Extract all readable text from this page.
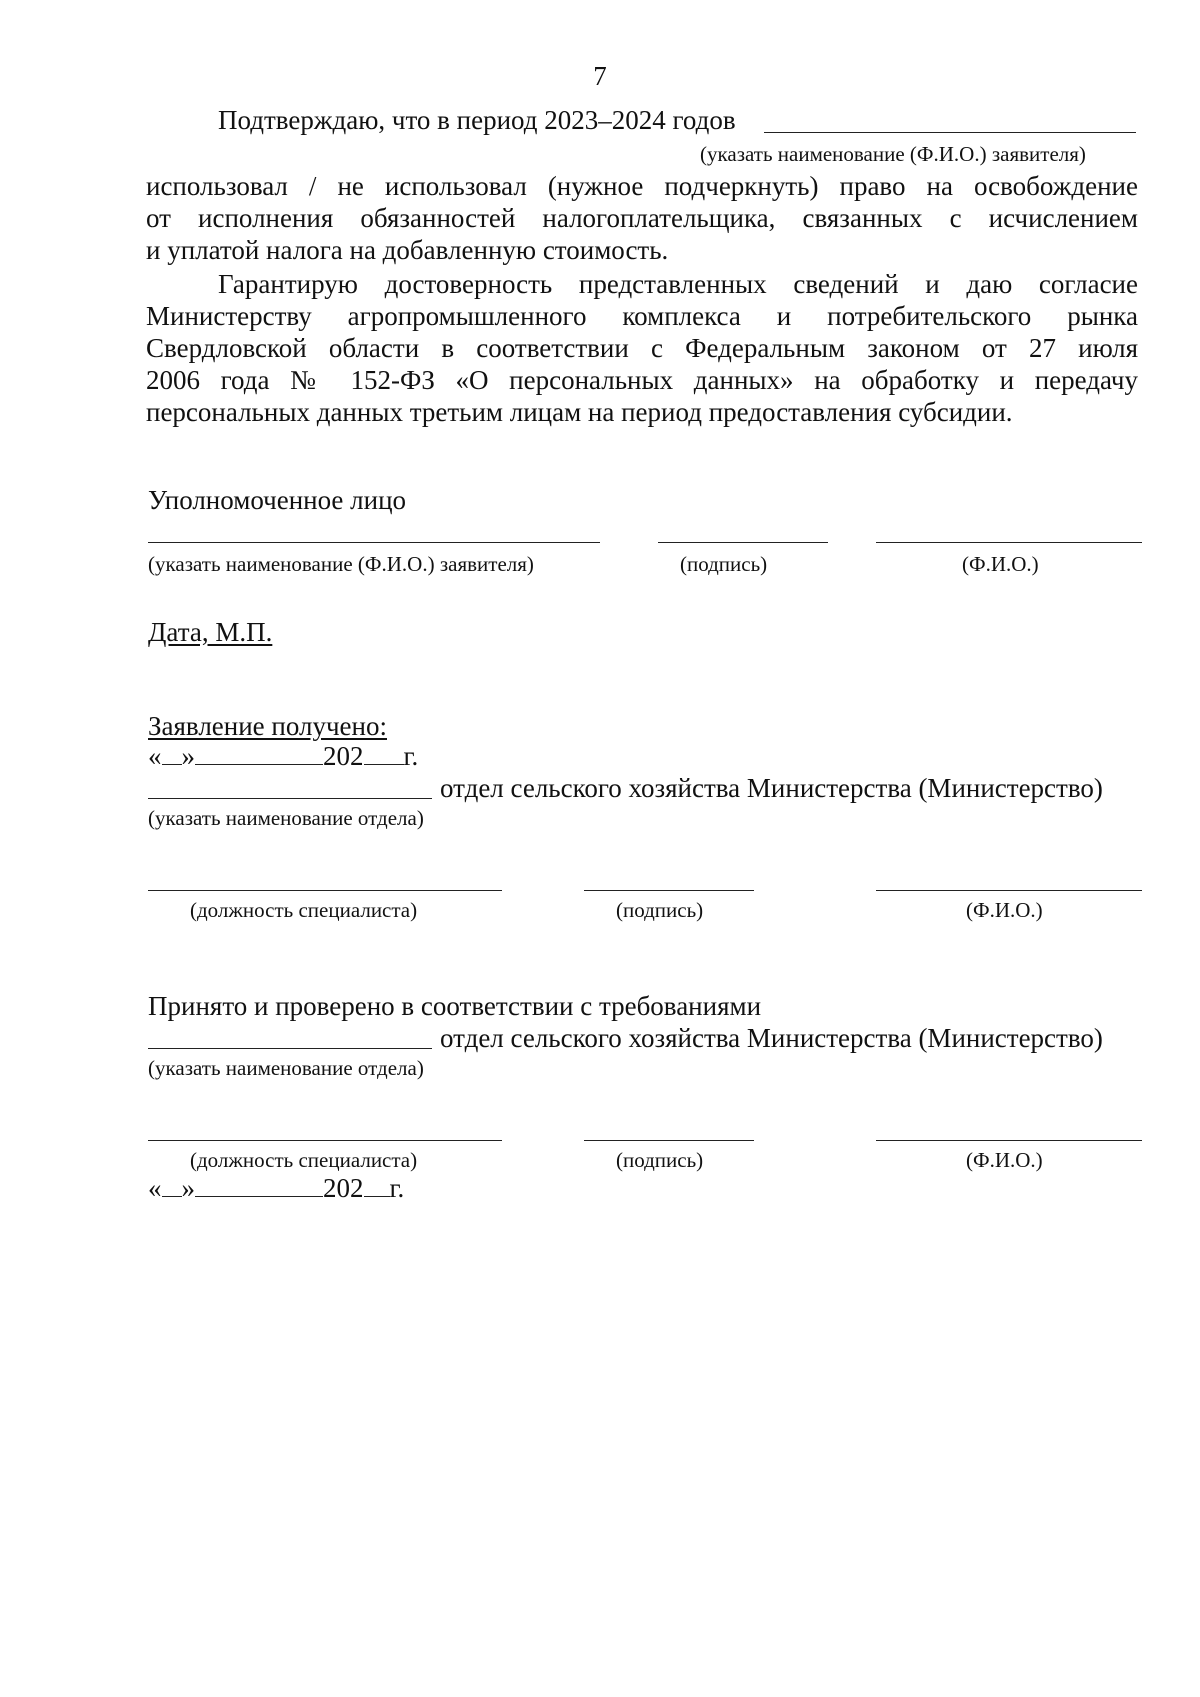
7
Подтверждаю, что в период 2023–2024 годов
(указать наименование (Ф.И.О.) заявителя)
использовал / не использовал (нужное подчеркнуть) право на освобождение
от исполнения обязанностей налогоплательщика, связанных с исчислением
и уплатой налога на добавленную стоимость.
Гарантирую достоверность представленных сведений и даю согласие
Министерству агропромышленного комплекса и потребительского рынка
Свердловской области в соответствии с Федеральным законом от 27 июля
2006 года № 152-ФЗ «О персональных данных» на обработку и передачу
персональных данных третьим лицам на период предоставления субсидии.
Уполномоченное лицо
(указать наименование (Ф.И.О.) заявителя)	(подпись)	(Ф.И.О.)
Дата, М.П.
Заявление получено:
« »	202 г.
отдел сельского хозяйства Министерства (Министерство)
(указать наименование отдела)
(должность специалиста)	(подпись)	(Ф.И.О.)
Принято и проверено в соответствии с требованиями
отдел сельского хозяйства Министерства (Министерство)
(указать наименование отдела)
(должность специалиста)	(подпись)	(Ф.И.О.)
« »	202 г.
